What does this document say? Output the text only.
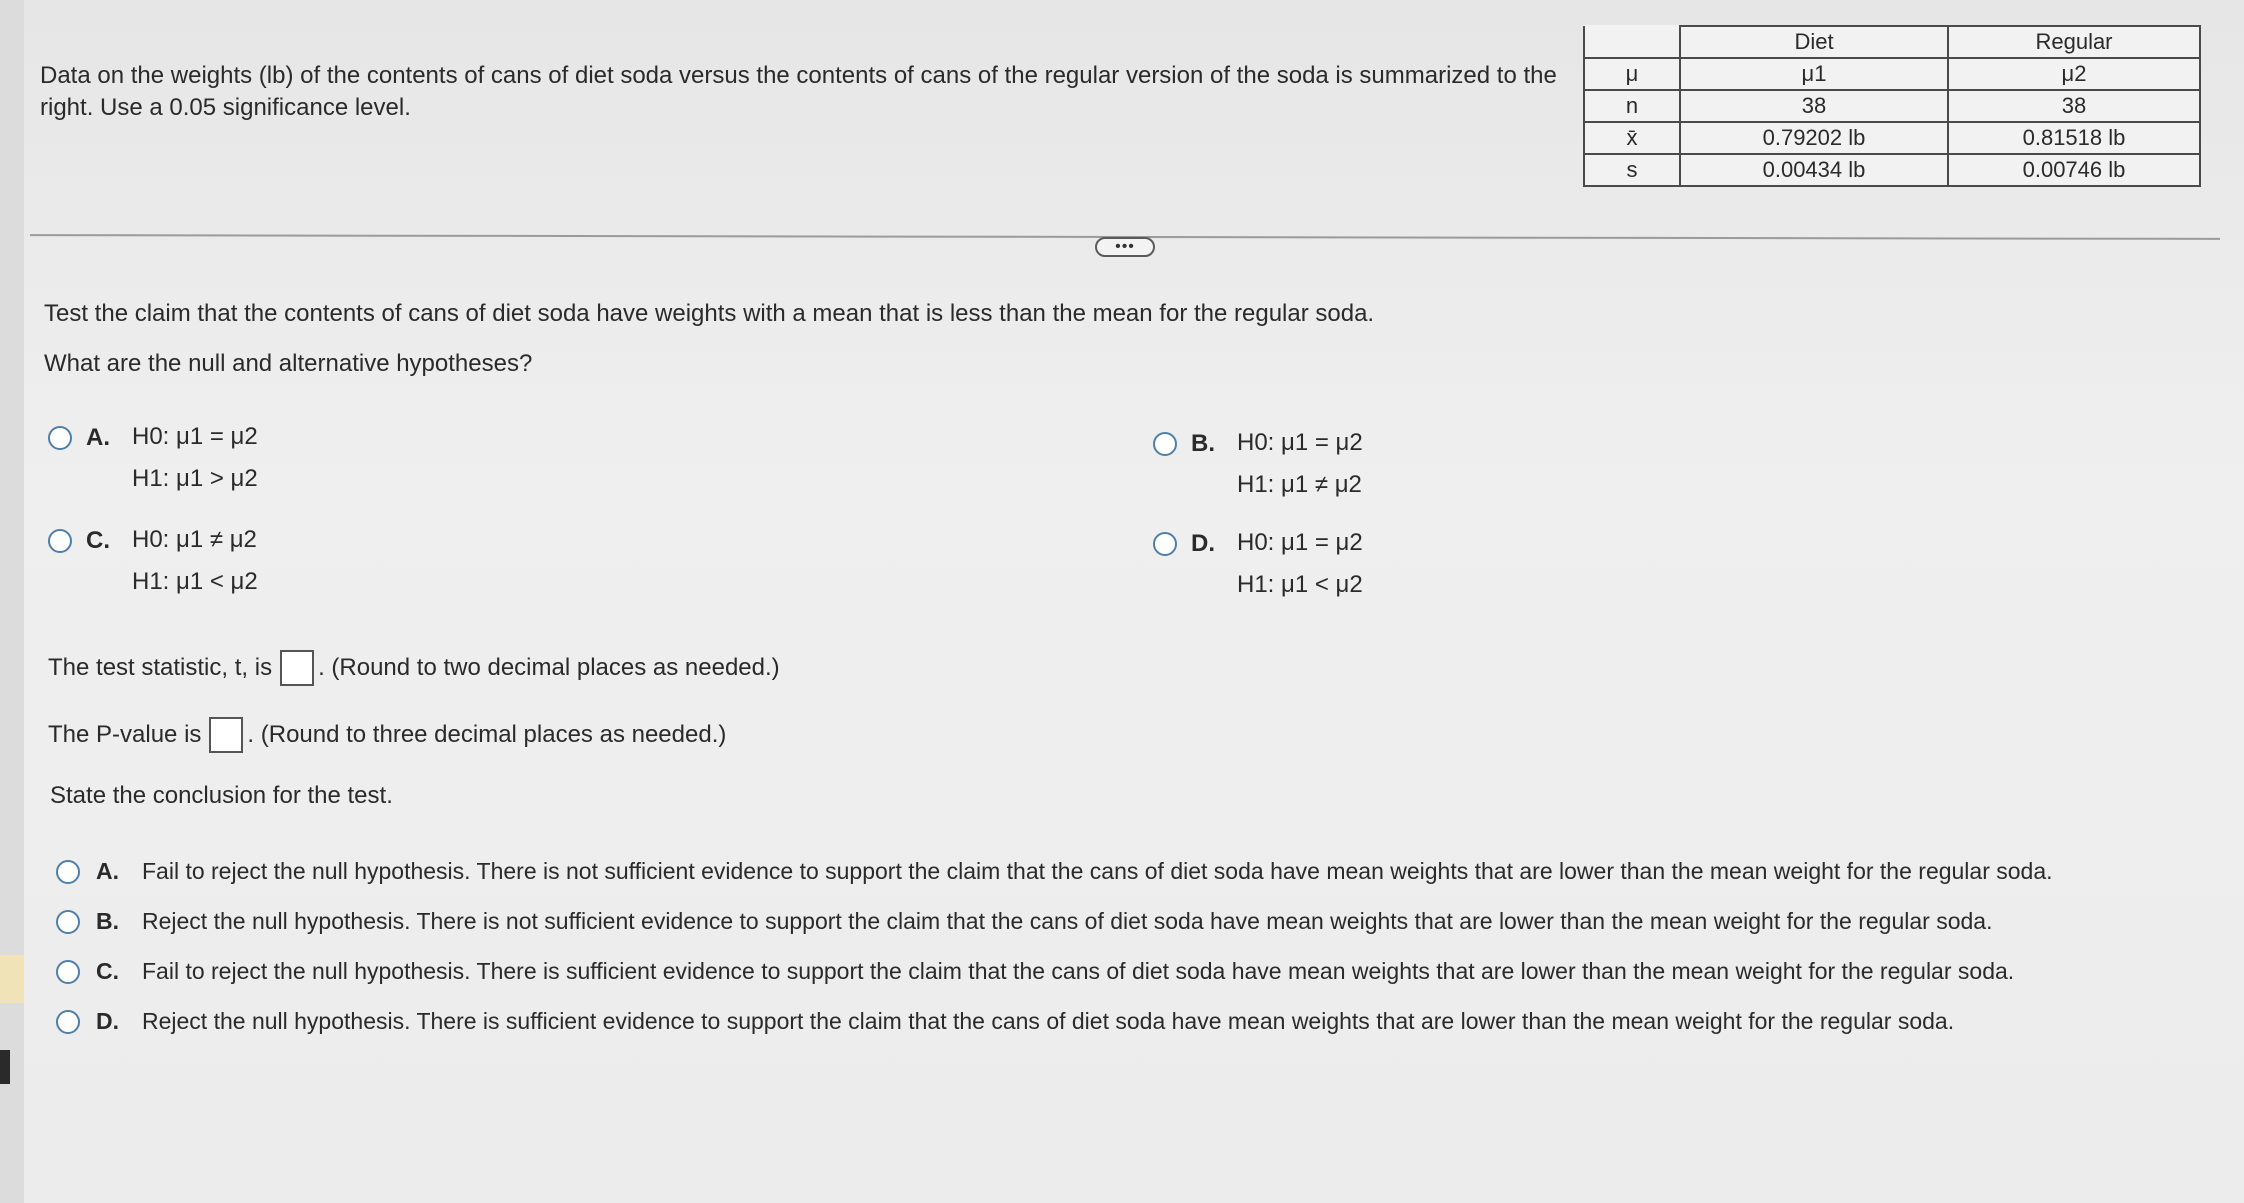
Data on the weights (lb) of the contents of cans of diet soda versus the contents of cans of the regular version of the soda is summarized to the right. Use a 0.05 significance level.

	Diet	Regular
μ	μ1	μ2
n	38	38
x̄	0.79202 lb	0.81518 lb
s	0.00434 lb	0.00746 lb
•••

Test the claim that the contents of cans of diet soda have weights with a mean that is less than the mean for the regular soda.

What are the null and alternative hypotheses?

A. H0: μ1 = μ2
H1: μ1 > μ2
B. H0: μ1 = μ2
H1: μ1 ≠ μ2
C. H0: μ1 ≠ μ2
H1: μ1 < μ2
D. H0: μ1 = μ2
H1: μ1 < μ2
The test statistic, t, is . (Round to two decimal places as needed.)
The P-value is . (Round to three decimal places as needed.)

State the conclusion for the test.

A.	Fail to reject the null hypothesis. There is not sufficient evidence to support the claim that the cans of diet soda have mean weights that are lower than the mean weight for the regular soda.
B.	Reject the null hypothesis. There is not sufficient evidence to support the claim that the cans of diet soda have mean weights that are lower than the mean weight for the regular soda.
C.	Fail to reject the null hypothesis. There is sufficient evidence to support the claim that the cans of diet soda have mean weights that are lower than the mean weight for the regular soda.
D.	Reject the null hypothesis. There is sufficient evidence to support the claim that the cans of diet soda have mean weights that are lower than the mean weight for the regular soda.
